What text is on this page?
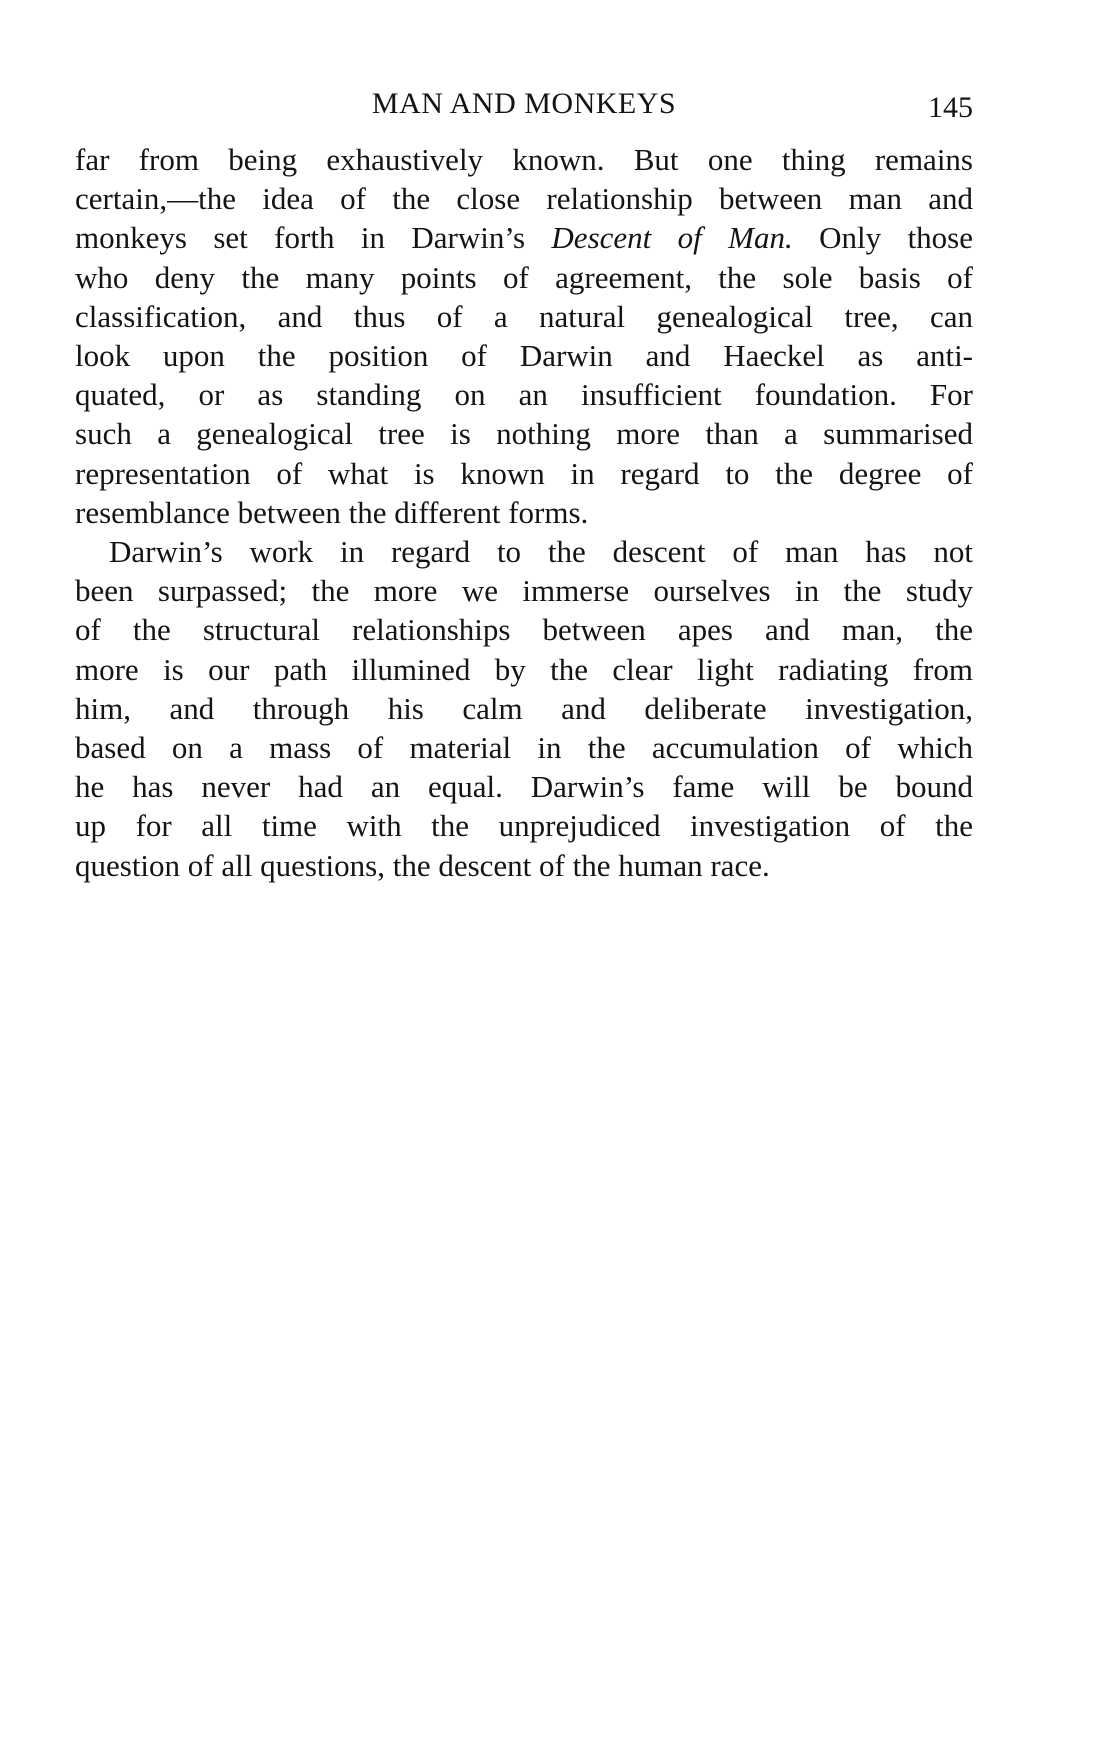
MAN AND MONKEYS	145
far from being exhaustively known. But one thing remains
certain,—the idea of the close relationship between man and
monkeys set forth in Darwin’s Descent of Man. Only those
who deny the many points of agreement, the sole basis of
classification, and thus of a natural genealogical tree, can
look upon the position of Darwin and Haeckel as anti-
quated, or as standing on an insufficient foundation. For
such a genealogical tree is nothing more than a summarised
representation of what is known in regard to the degree of
resemblance between the different forms.
Darwin’s work in regard to the descent of man has not
been surpassed; the more we immerse ourselves in the study
of the structural relationships between apes and man, the
more is our path illumined by the clear light radiating from
him, and through his calm and deliberate investigation,
based on a mass of material in the accumulation of which
he has never had an equal. Darwin’s fame will be bound
up for all time with the unprejudiced investigation of the
question of all questions, the descent of the human race.
